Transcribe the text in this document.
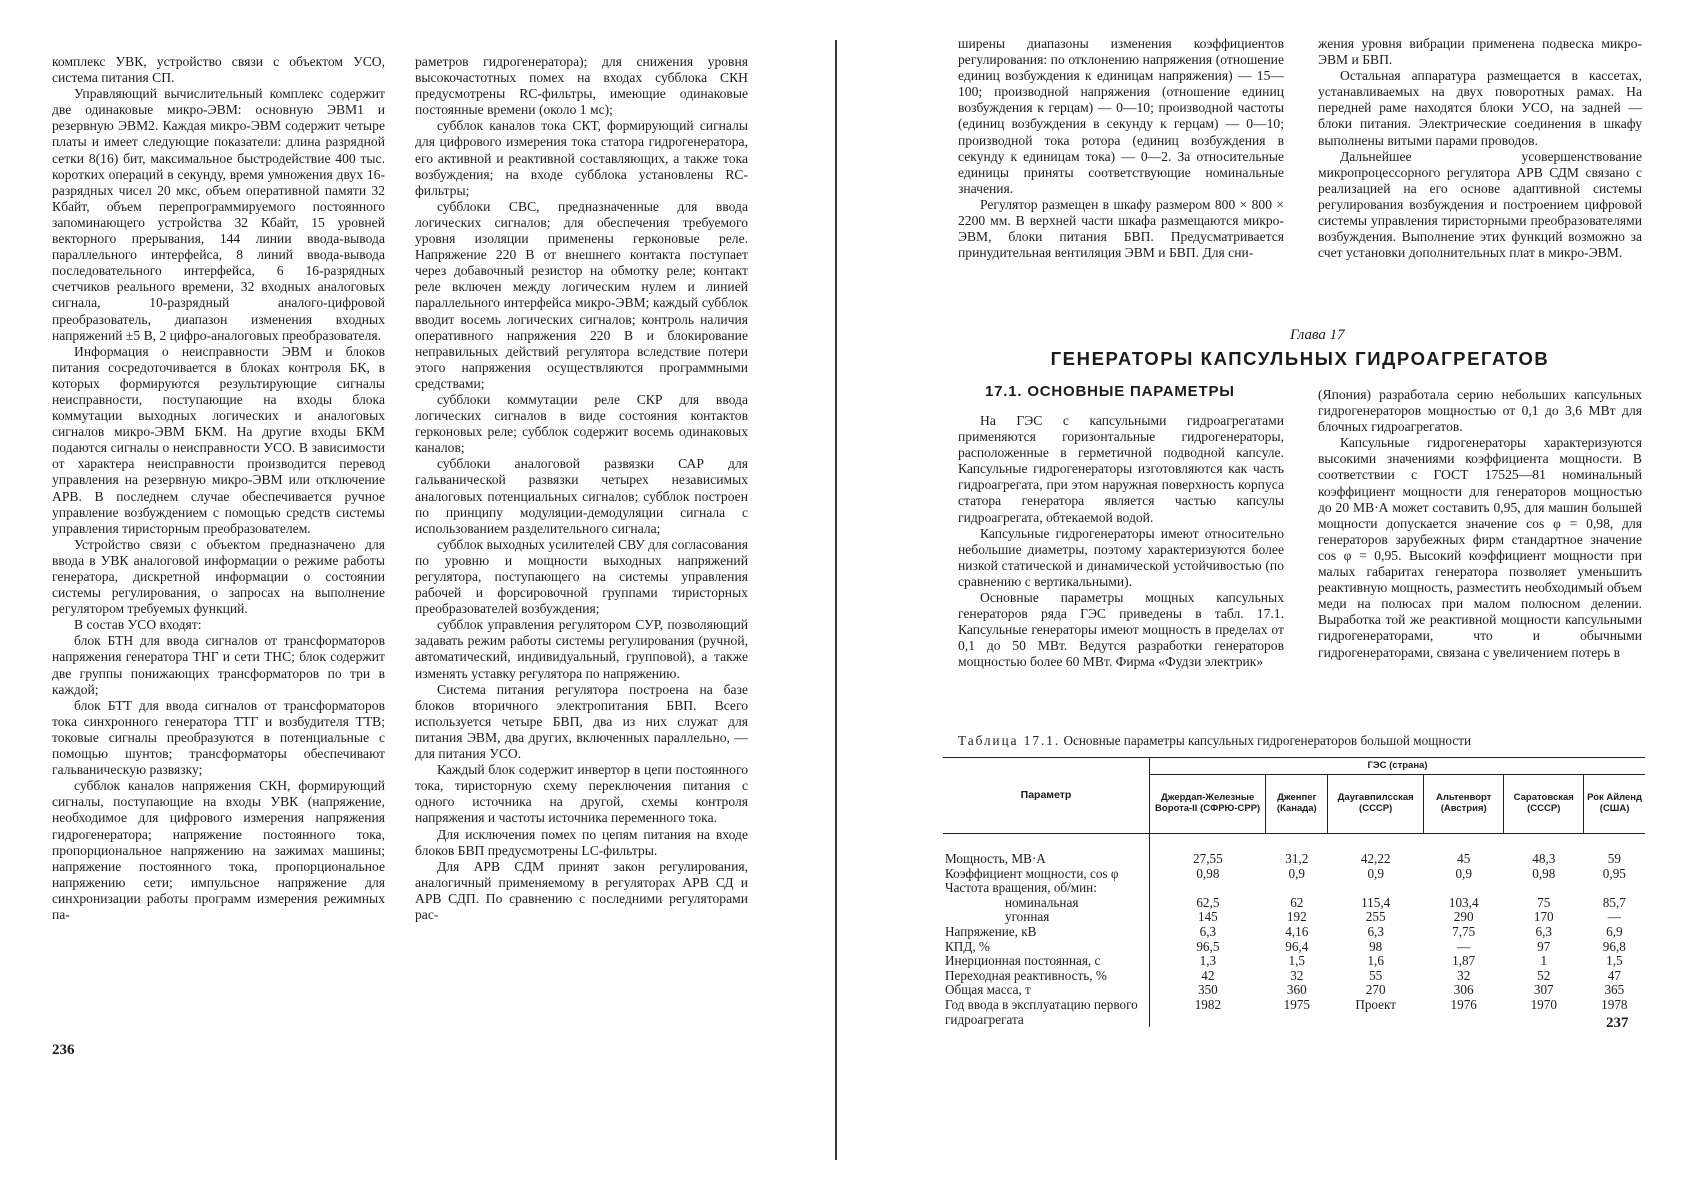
комплекс УВК, устройство связи с объектом УСО, система питания СП.

Управляющий вычислительный комплекс содержит две одинаковые микро-ЭВМ: основную ЭВМ1 и резервную ЭВМ2. Каждая микро-ЭВМ содержит четыре платы и имеет следующие показатели: длина разрядной сетки 8(16) бит, максимальное быстродействие 400 тыс. коротких операций в секунду, время умножения двух 16-разрядных чисел 20 мкс, объем оперативной памяти 32 Кбайт, объем перепрограммируемого постоянного запоминающего устройства 32 Кбайт, 15 уровней векторного прерывания, 144 линии ввода-вывода параллельного интерфейса, 8 линий ввода-вывода последовательного интерфейса, 6 16-разрядных счетчиков реального времени, 32 входных аналоговых сигнала, 10-разрядный аналого-цифровой преобразователь, диапазон изменения входных напряжений ±5 В, 2 цифро-аналоговых преобразователя.

Информация о неисправности ЭВМ и блоков питания сосредоточивается в блоках контроля БК, в которых формируются результирующие сигналы неисправности, поступающие на входы блока коммутации выходных логических и аналоговых сигналов микро-ЭВМ БКМ. На другие входы БКМ подаются сигналы о неисправности УСО. В зависимости от характера неисправности производится перевод управления на резервную микро-ЭВМ или отключение АРВ. В последнем случае обеспечивается ручное управление возбуждением с помощью средств системы управления тиристорным преобразователем.

Устройство связи с объектом предназначено для ввода в УВК аналоговой информации о режиме работы генератора, дискретной информации о состоянии системы регулирования, о запросах на выполнение регулятором требуемых функций.

В состав УСО входят:

блок БТН для ввода сигналов от трансформаторов напряжения генератора ТНГ и сети ТНС; блок содержит две группы понижающих трансформаторов по три в каждой;

блок БТТ для ввода сигналов от трансформаторов тока синхронного генератора ТТГ и возбудителя ТТВ; токовые сигналы преобразуются в потенциальные с помощью шунтов; трансформаторы обеспечивают гальваническую развязку;

субблок каналов напряжения СКН, формирующий сигналы, поступающие на входы УВК (напряжение, необходимое для цифрового измерения напряжения гидрогенератора; напряжение постоянного тока, пропорциональное напряжению на зажимах машины; напряжение постоянного тока, пропорциональное напряжению сети; импульсное напряжение для синхронизации работы программ измерения режимных па-

раметров гидрогенератора); для снижения уровня высокочастотных помех на входах субблока СКН предусмотрены RC-фильтры, имеющие одинаковые постоянные времени (около 1 мс);

субблок каналов тока СКТ, формирующий сигналы для цифрового измерения тока статора гидрогенератора, его активной и реактивной составляющих, а также тока возбуждения; на входе субблока установлены RC-фильтры;

субблоки СВС, предназначенные для ввода логических сигналов; для обеспечения требуемого уровня изоляции применены герконовые реле. Напряжение 220 В от внешнего контакта поступает через добавочный резистор на обмотку реле; контакт реле включен между логическим нулем и линией параллельного интерфейса микро-ЭВМ; каждый субблок вводит восемь логических сигналов; контроль наличия оперативного напряжения 220 В и блокирование неправильных действий регулятора вследствие потери этого напряжения осуществляются программными средствами;

субблоки коммутации реле СКР для ввода логических сигналов в виде состояния контактов герконовых реле; субблок содержит восемь одинаковых каналов;

субблоки аналоговой развязки САР для гальванической развязки четырех независимых аналоговых потенциальных сигналов; субблок построен по принципу модуляции-демодуляции сигнала с использованием разделительного сигнала;

субблок выходных усилителей СВУ для согласования по уровню и мощности выходных напряжений регулятора, поступающего на системы управления рабочей и форсировочной группами тиристорных преобразователей возбуждения;

субблок управления регулятором СУР, позволяющий задавать режим работы системы регулирования (ручной, автоматический, индивидуальный, групповой), а также изменять уставку регулятора по напряжению.

Система питания регулятора построена на базе блоков вторичного электропитания БВП. Всего используется четыре БВП, два из них служат для питания ЭВМ, два других, включенных параллельно, — для питания УСО.

Каждый блок содержит инвертор в цепи постоянного тока, тиристорную схему переключения питания с одного источника на другой, схемы контроля напряжения и частоты источника переменного тока.

Для исключения помех по цепям питания на входе блоков БВП предусмотрены LC-фильтры.

Для АРВ СДМ принят закон регулирования, аналогичный применяемому в регуляторах АРВ СД и АРВ СДП. По сравнению с последними регуляторами рас-

236

ширены диапазоны изменения коэффициентов регулирования: по отклонению напряжения (отношение единиц возбуждения к единицам напряжения) — 15—100; производной напряжения (отношение единиц возбуждения к герцам) — 0—10; производной частоты (единиц возбуждения в секунду к герцам) — 0—10; производной тока ротора (единиц возбуждения в секунду к единицам тока) — 0—2. За относительные единицы приняты соответствующие номинальные значения.

Регулятор размещен в шкафу размером 800 × 800 × 2200 мм. В верхней части шкафа размещаются микро-ЭВМ, блоки питания БВП. Предусматривается принудительная вентиляция ЭВМ и БВП. Для сни-

жения уровня вибрации применена подвеска микро-ЭВМ и БВП.

Остальная аппаратура размещается в кассетах, устанавливаемых на двух поворотных рамах. На передней раме находятся блоки УСО, на задней — блоки питания. Электрические соединения в шкафу выполнены витыми парами проводов.

Дальнейшее усовершенствование микропроцессорного регулятора АРВ СДМ связано с реализацией на его основе адаптивной системы регулирования возбуждения и построением цифровой системы управления тиристорными преобразователями возбуждения. Выполнение этих функций возможно за счет установки дополнительных плат в микро-ЭВМ.

Глава 17
ГЕНЕРАТОРЫ КАПСУЛЬНЫХ ГИДРОАГРЕГАТОВ
17.1. ОСНОВНЫЕ ПАРАМЕТРЫ

На ГЭС с капсульными гидроагрегатами применяются горизонтальные гидрогенераторы, расположенные в герметичной подводной капсуле. Капсульные гидрогенераторы изготовляются как часть гидроагрегата, при этом наружная поверхность корпуса статора генератора является частью капсулы гидроагрегата, обтекаемой водой.

Капсульные гидрогенераторы имеют относительно небольшие диаметры, поэтому характеризуются более низкой статической и динамической устойчивостью (по сравнению с вертикальными).

Основные параметры мощных капсульных генераторов ряда ГЭС приведены в табл. 17.1. Капсульные генераторы имеют мощность в пределах от 0,1 до 50 МВт. Ведутся разработки генераторов мощностью более 60 МВт. Фирма «Фудзи электрик»

(Япония) разработала серию небольших капсульных гидрогенераторов мощностью от 0,1 до 3,6 МВт для блочных гидроагрегатов.

Капсульные гидрогенераторы характеризуются высокими значениями коэффициента мощности. В соответствии с ГОСТ 17525—81 номинальный коэффициент мощности для генераторов мощностью до 20 МВ·А может составить 0,95, для машин большей мощности допускается значение cos φ = 0,98, для генераторов зарубежных фирм стандартное значение cos φ = 0,95. Высокий коэффициент мощности при малых габаритах генератора позволяет уменьшить реактивную мощность, разместить необходимый объем меди на полюсах при малом полюсном делении. Выработка той же реактивной мощности капсульными гидрогенераторами, что и обычными гидрогенераторами, связана с увеличением потерь в

Таблица 17.1. Основные параметры капсульных гидрогенераторов большой мощности
Параметр	ГЭС (страна)					
	Джердап-Железные Ворота-II (СФРЮ-СРР)	Дженпег (Канада)	Даугавпилсская (СССР)	Альтенворт (Австрия)	Саратовская (СССР)	Рок Айленд (США)
Мощность, МВ·А	27,55	31,2	42,22	45	48,3	59
Коэффициент мощности, cos φ	0,98	0,9	0,9	0,9	0,98	0,95
Частота вращения, об/мин:						
номинальная	62,5	62	115,4	103,4	75	85,7
угонная	145	192	255	290	170	—
Напряжение, кВ	6,3	4,16	6,3	7,75	6,3	6,9
КПД, %	96,5	96,4	98	—	97	96,8
Инерционная постоянная, с	1,3	1,5	1,6	1,87	1	1,5
Переходная реактивность, %	42	32	55	32	52	47
Общая масса, т	350	360	270	306	307	365
Год ввода в эксплуатацию первого гидроагрегата	1982	1975	Проект	1976	1970	1978
237
